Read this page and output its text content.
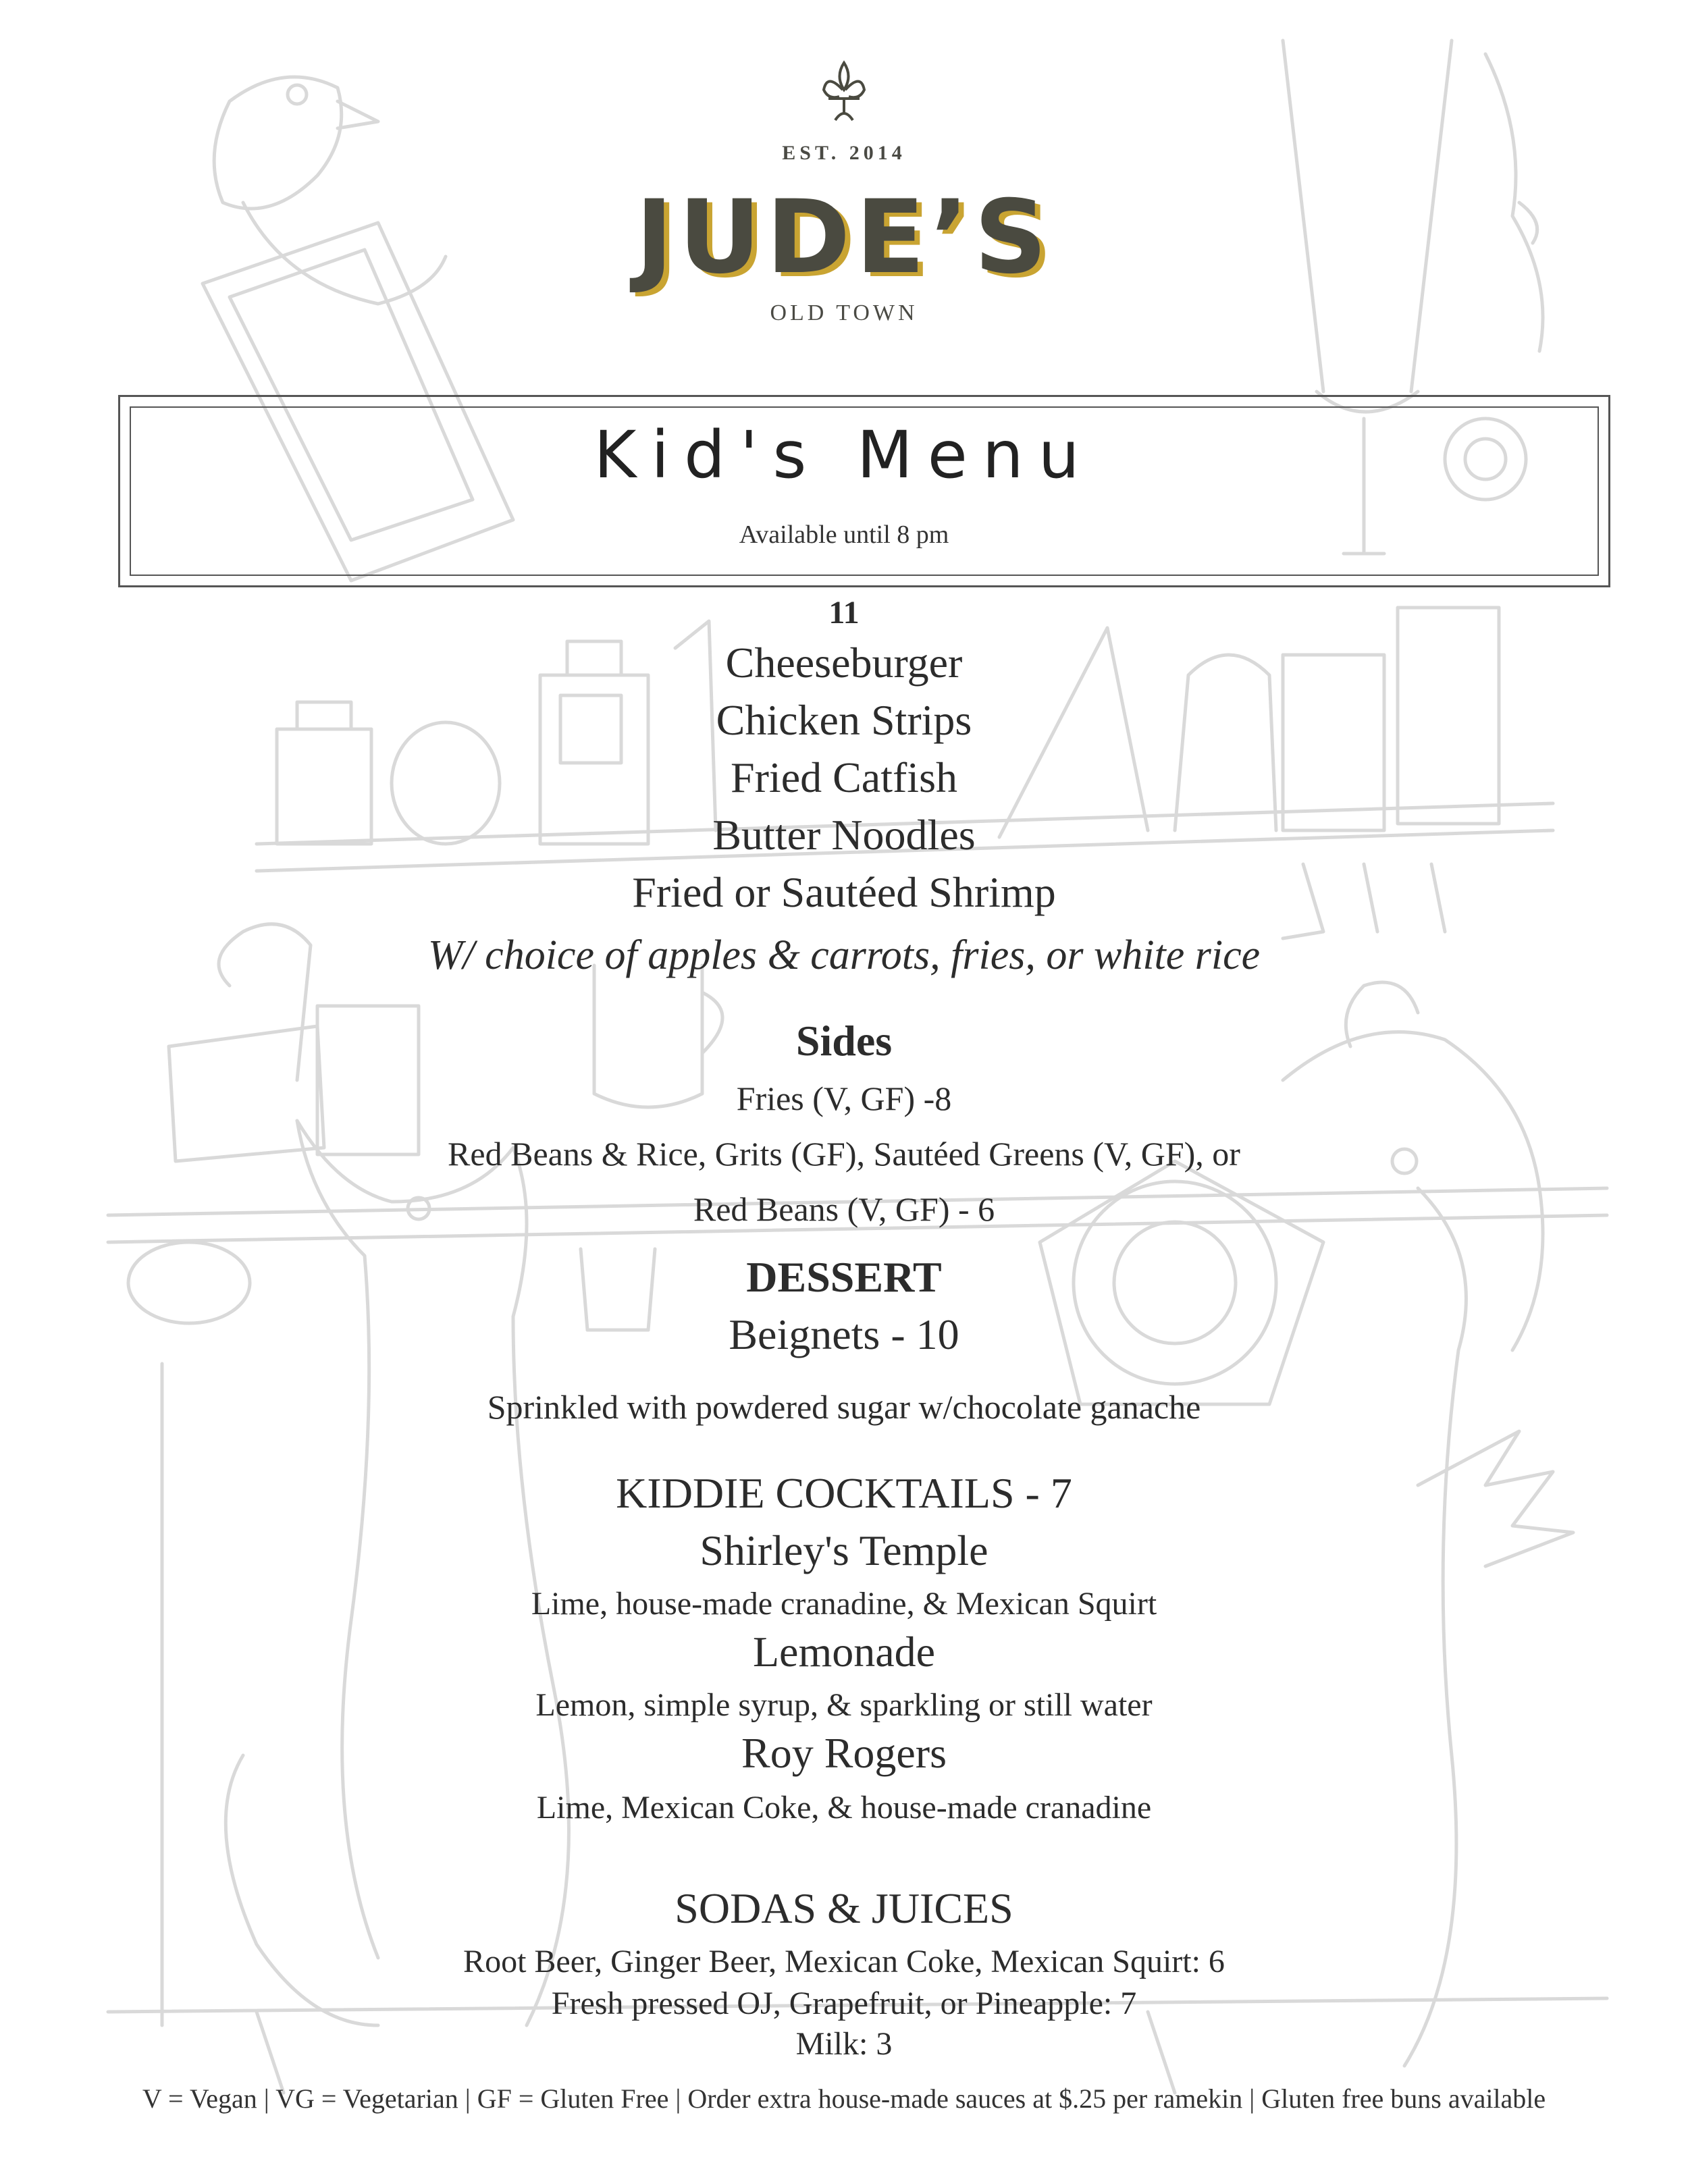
EST. 2014
JUDE’S
OLD TOWN
Kid's Menu
Available until 8 pm
11
Cheeseburger
Chicken Strips
Fried Catfish
Butter Noodles
Fried or Sautéed Shrimp
W/ choice of apples & carrots, fries, or white rice
Sides
Fries (V, GF) -8
Red Beans & Rice, Grits (GF), Sautéed Greens (V, GF), or
Red Beans (V, GF) - 6
DESSERT
Beignets - 10
Sprinkled with powdered sugar w/chocolate ganache
KIDDIE COCKTAILS - 7
Shirley's Temple
Lime, house-made cranadine, & Mexican Squirt
Lemonade
Lemon, simple syrup, & sparkling or still water
Roy Rogers
Lime, Mexican Coke, & house-made cranadine
SODAS & JUICES
Root Beer, Ginger Beer, Mexican Coke, Mexican Squirt: 6
Fresh pressed OJ, Grapefruit, or Pineapple: 7
Milk: 3
V = Vegan | VG = Vegetarian | GF = Gluten Free | Order extra house-made sauces at $.25 per ramekin | Gluten free buns available
